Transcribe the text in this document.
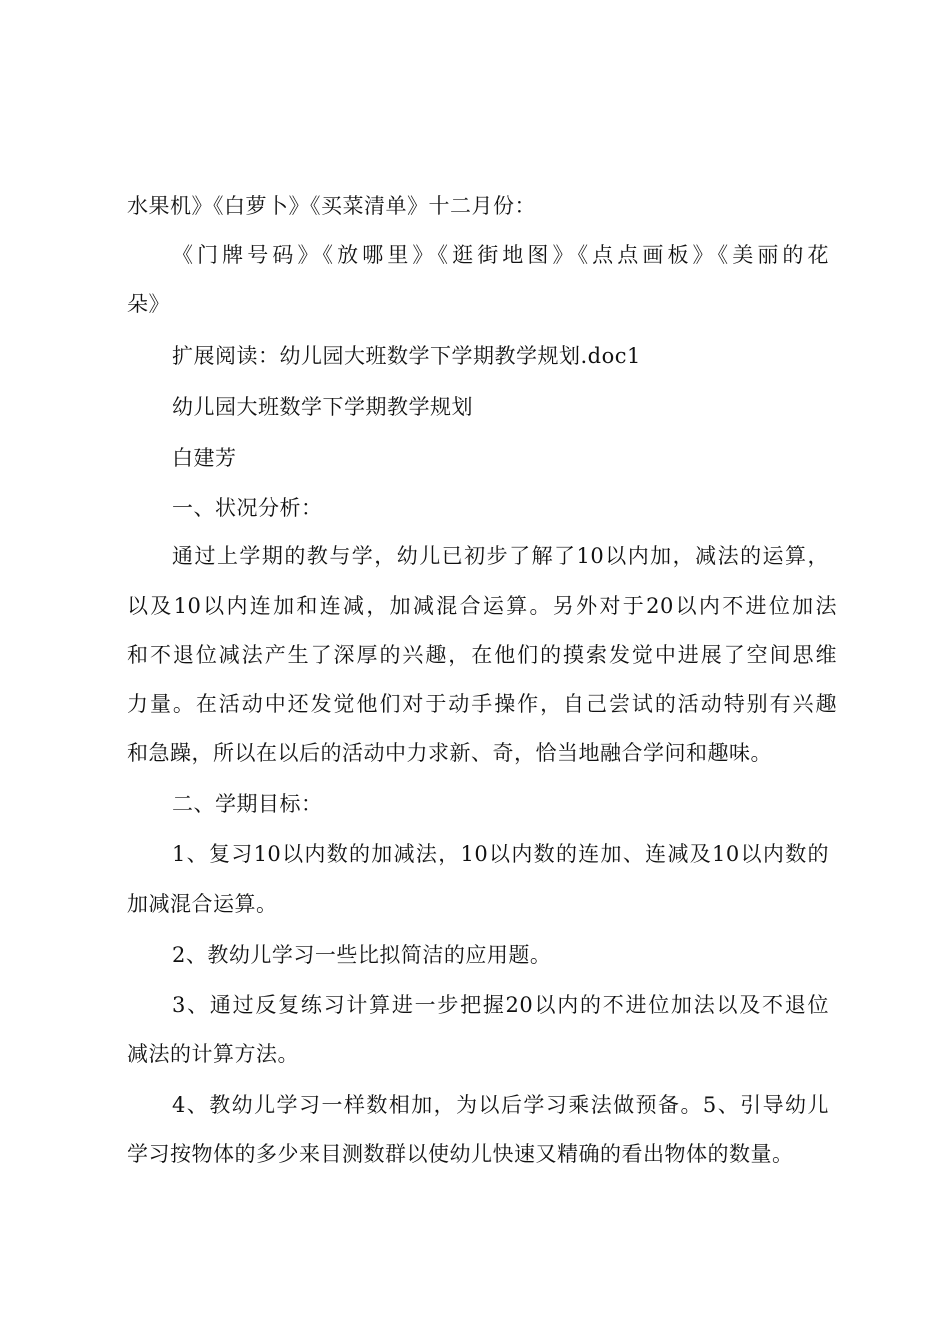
水果机》《白萝卜》《买菜清单》十二月份：
《门牌号码》《放哪里》《逛街地图》《点点画板》《美丽的花
朵》
扩展阅读：幼儿园大班数学下学期教学规划.doc1
幼儿园大班数学下学期教学规划
白建芳
一、状况分析：
通过上学期的教与学，幼儿已初步了解了10以内加，减法的运算，
以及10以内连加和连减，加减混合运算。另外对于20以内不进位加法
和不退位减法产生了深厚的兴趣，在他们的摸索发觉中进展了空间思维
力量。在活动中还发觉他们对于动手操作，自己尝试的活动特别有兴趣
和急躁，所以在以后的活动中力求新、奇，恰当地融合学问和趣味。
二、学期目标：
1、复习10以内数的加减法，10以内数的连加、连减及10以内数的
加减混合运算。
2、教幼儿学习一些比拟简洁的应用题。
3、通过反复练习计算进一步把握20以内的不进位加法以及不退位
减法的计算方法。
4、教幼儿学习一样数相加，为以后学习乘法做预备。5、引导幼儿
学习按物体的多少来目测数群以使幼儿快速又精确的看出物体的数量。
